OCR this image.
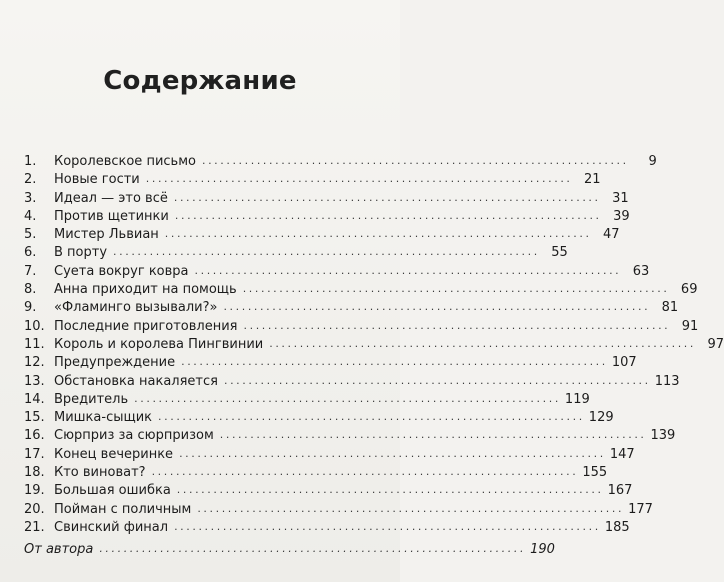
Содержание
1.	Королевское письмо ......................................................................	9
2.	Новые гости ...................................................................... 21
3.	Идеал — это всё ...................................................................... 31
4.	Против щетинки ...................................................................... 39
5.	Мистер Львиан ...................................................................... 47
6.	В порту ...................................................................... 55
7.	Суета вокруг ковра ...................................................................... 63
8.	Анна приходит на помощь ...................................................................... 69
9.	«Фламинго вызывали?» ...................................................................... 81
10. Последние приготовления ...................................................................... 91
11. Король и королева Пингвинии ...................................................................... 97
12. Предупреждение ...................................................................... 107
13. Обстановка накаляется ...................................................................... 113
14. Вредитель ...................................................................... 119
15. Мишка-сыщик ...................................................................... 129
16. Сюрприз за сюрпризом ...................................................................... 139
17. Конец вечеринке ...................................................................... 147
18. Кто виноват? ...................................................................... 155
19. Большая ошибка ...................................................................... 167
20. Пойман с поличным ...................................................................... 177
21. Свинский финал ...................................................................... 185
От автора ...................................................................... 190
